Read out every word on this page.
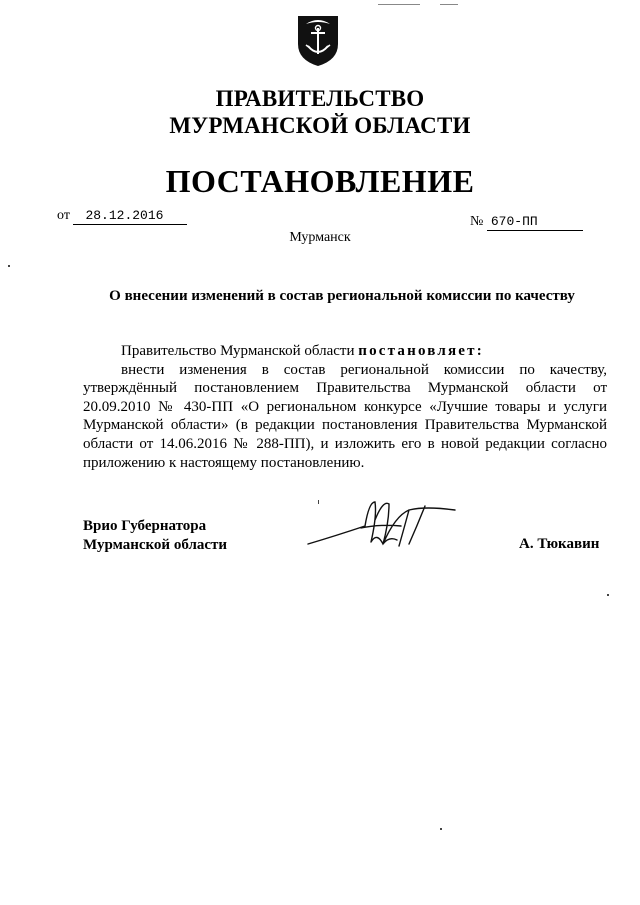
ПРАВИТЕЛЬСТВО
МУРМАНСКОЙ ОБЛАСТИ
ПОСТАНОВЛЕНИЕ
от 28.12.2016	№ 670-ПП
Мурманск
О внесении изменений в состав региональной комиссии по качеству

Правительство Мурманской области постановляет:

внести изменения в состав региональной комиссии по качеству, утверждённый постановлением Правительства Мурманской области от 20.09.2010 № 430-ПП «О региональном конкурсе «Лучшие товары и услуги Мурманской области» (в редакции постановления Правительства Мурманской области от 14.06.2016 № 288-ПП), и изложить его в новой редакции согласно приложению к настоящему постановлению.

Врио Губернатора
Мурманской области	А. Тюкавин
